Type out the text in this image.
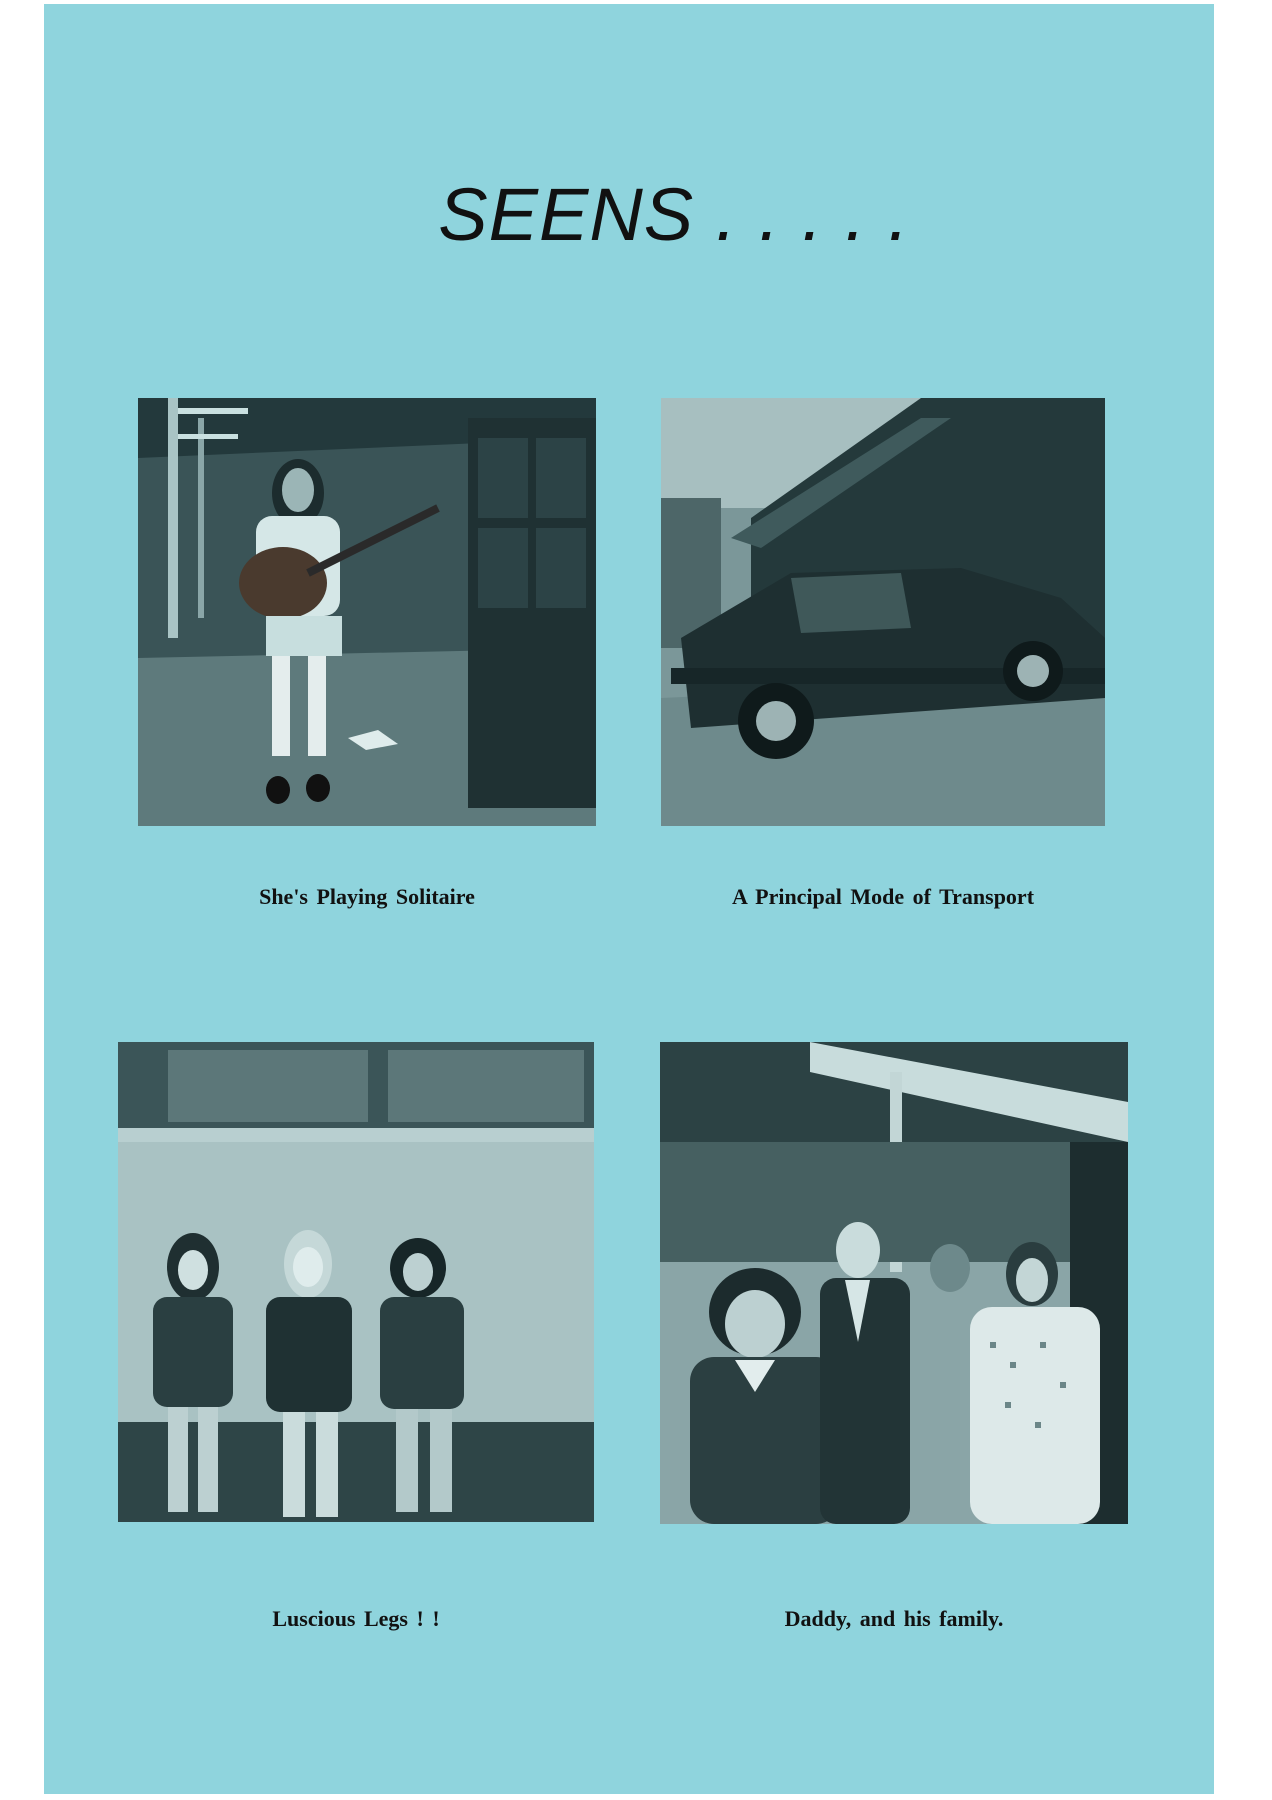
SEENS . . . . .
She's Playing Solitaire	A Principal Mode of Transport
Luscious Legs ! !	Daddy, and his family.
